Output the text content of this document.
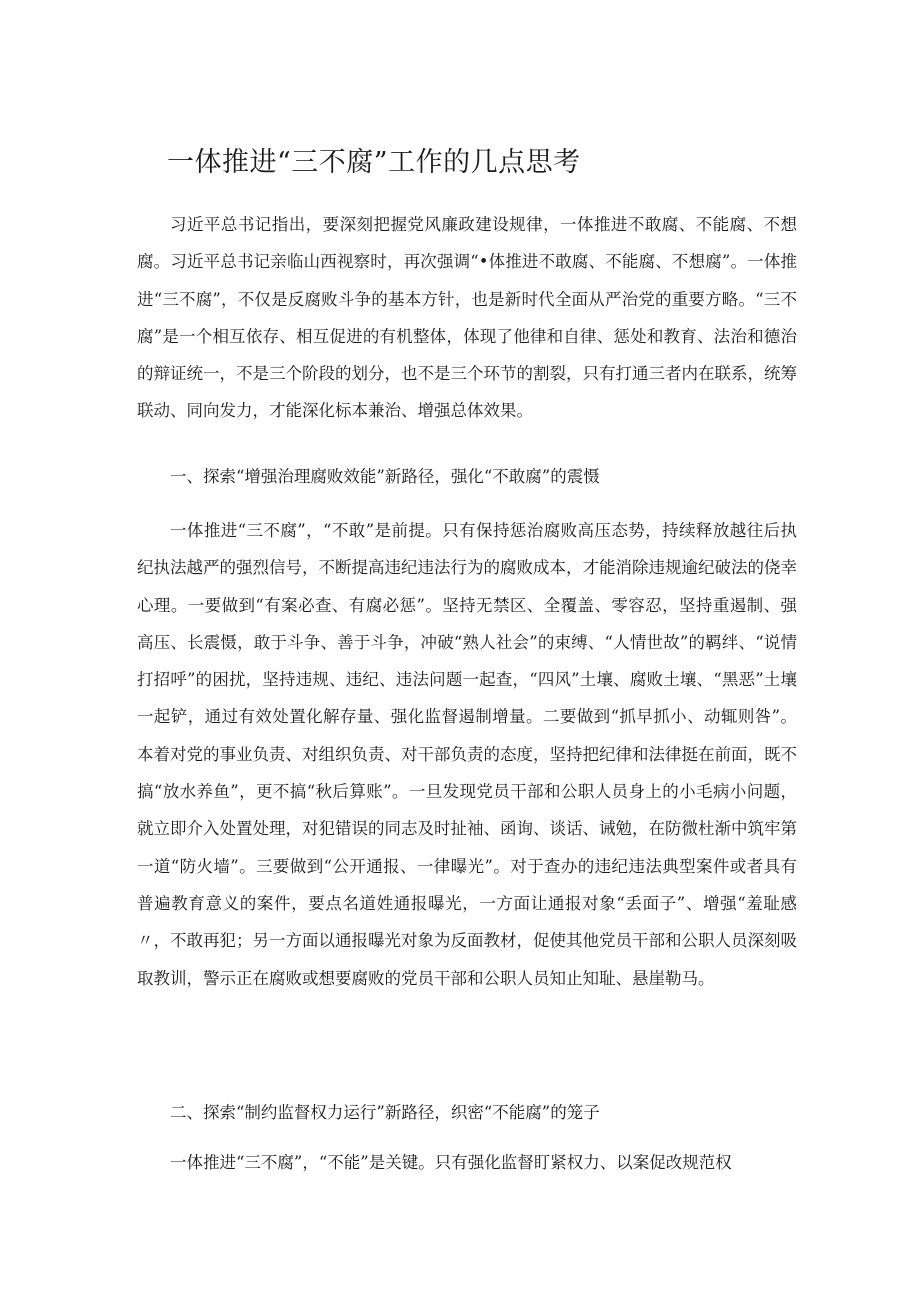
一体推进“三不腐”工作的几点思考

习近平总书记指出，要深刻把握党风廉政建设规律，一体推进不敢腐、不能腐、不想腐。习近平总书记亲临山西视察时，再次强调“•体推进不敢腐、不能腐、不想腐”。一体推进“三不腐”，不仅是反腐败斗争的基本方针，也是新时代全面从严治党的重要方略。“三不腐”是一个相互依存、相互促进的有机整体，体现了他律和自律、惩处和教育、法治和德治的辩证统一，不是三个阶段的划分，也不是三个环节的割裂，只有打通三者内在联系，统筹联动、同向发力，才能深化标本兼治、增强总体效果。

一、探索“增强治理腐败效能”新路径，强化“不敢腐”的震慑

一体推进“三不腐”，“不敢”是前提。只有保持惩治腐败高压态势，持续释放越往后执纪执法越严的强烈信号，不断提高违纪违法行为的腐败成本，才能消除违规逾纪破法的侥幸心理。一要做到“有案必查、有腐必惩”。坚持无禁区、全覆盖、零容忍，坚持重遏制、强高压、长震慑，敢于斗争、善于斗争，冲破“熟人社会”的束缚、“人情世故”的羁绊、“说情打招呼”的困扰，坚持违规、违纪、违法问题一起查，“四风”土壤、腐败土壤、“黑恶”土壤一起铲，通过有效处置化解存量、强化监督遏制增量。二要做到“抓早抓小、动辄则咎”。本着对党的事业负责、对组织负责、对干部负责的态度，坚持把纪律和法律挺在前面，既不搞“放水养鱼”，更不搞“秋后算账”。一旦发现党员干部和公职人员身上的小毛病小问题，就立即介入处置处理，对犯错误的同志及时扯袖、函询、谈话、诫勉，在防微杜渐中筑牢第一道“防火墙”。三要做到“公开通报、一律曝光”。对于查办的违纪违法典型案件或者具有普遍教育意义的案件，要点名道姓通报曝光，一方面让通报对象“丢面子”、增强“羞耻感〃，不敢再犯；另一方面以通报曝光对象为反面教材，促使其他党员干部和公职人员深刻吸取教训，警示正在腐败或想要腐败的党员干部和公职人员知止知耻、悬崖勒马。

二、探索“制约监督权力运行”新路径，织密“不能腐”的笼子

一体推进“三不腐”，“不能”是关键。只有强化监督盯紧权力、以案促改规范权
